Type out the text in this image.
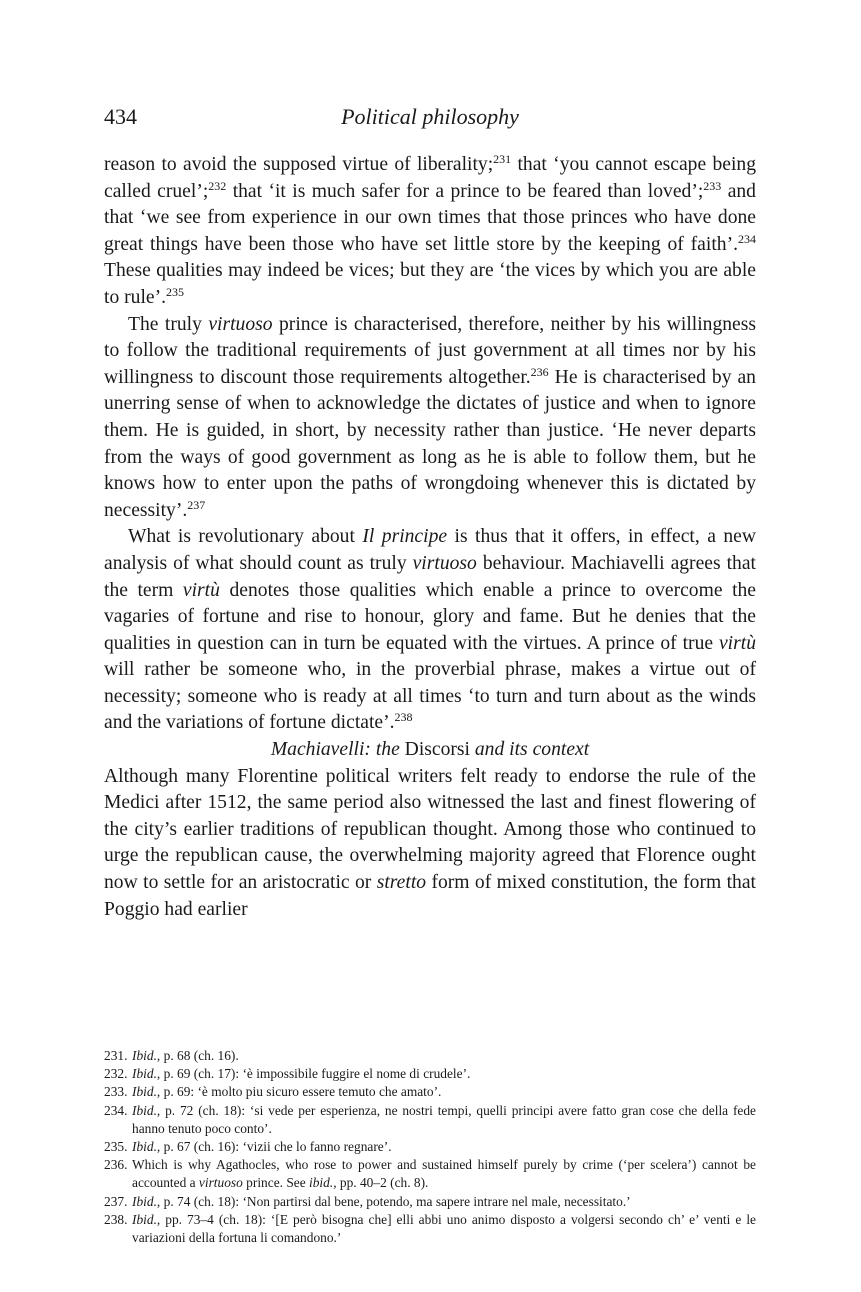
434	Political philosophy

reason to avoid the supposed virtue of liberality;$^{231}$ that ‘you cannot escape being called cruel’;$^{232}$ that ‘it is much safer for a prince to be feared than loved’;$^{233}$ and that ‘we see from experience in our own times that those princes who have done great things have been those who have set little store by the keeping of faith’.$^{234}$ These qualities may indeed be vices; but they are ‘the vices by which you are able to rule’.$^{235}$

The truly virtuoso prince is characterised, therefore, neither by his willingness to follow the traditional requirements of just government at all times nor by his willingness to discount those requirements altogether.$^{236}$ He is characterised by an unerring sense of when to acknowledge the dictates of justice and when to ignore them. He is guided, in short, by necessity rather than justice. ‘He never departs from the ways of good government as long as he is able to follow them, but he knows how to enter upon the paths of wrongdoing whenever this is dictated by necessity’.$^{237}$

What is revolutionary about Il principe is thus that it offers, in effect, a new analysis of what should count as truly virtuoso behaviour. Machiavelli agrees that the term virtù denotes those qualities which enable a prince to overcome the vagaries of fortune and rise to honour, glory and fame. But he denies that the qualities in question can in turn be equated with the virtues. A prince of true virtù will rather be someone who, in the proverbial phrase, makes a virtue out of necessity; someone who is ready at all times ‘to turn and turn about as the winds and the variations of fortune dictate’.$^{238}$

Machiavelli: the Discorsi and its context

Although many Florentine political writers felt ready to endorse the rule of the Medici after 1512, the same period also witnessed the last and finest flowering of the city’s earlier traditions of republican thought. Among those who continued to urge the republican cause, the overwhelming majority agreed that Florence ought now to settle for an aristocratic or stretto form of mixed constitution, the form that Poggio had earlier

231. Ibid., p. 68 (ch. 16).
232. Ibid., p. 69 (ch. 17): ‘è impossibile fuggire el nome di crudele’.
233. Ibid., p. 69: ‘è molto piu sicuro essere temuto che amato’.
234. Ibid., p. 72 (ch. 18): ‘si vede per esperienza, ne nostri tempi, quelli principi avere fatto gran cose che della fede hanno tenuto poco conto’.
235. Ibid., p. 67 (ch. 16): ‘vizii che lo fanno regnare’.
236. Which is why Agathocles, who rose to power and sustained himself purely by crime (‘per scelera’) cannot be accounted a virtuoso prince. See ibid., pp. 40–2 (ch. 8).
237. Ibid., p. 74 (ch. 18): ‘Non partirsi dal bene, potendo, ma sapere intrare nel male, necessitato.’
238. Ibid., pp. 73–4 (ch. 18): ‘[E però bisogna che] elli abbi uno animo disposto a volgersi secondo ch’ e’ venti e le variazioni della fortuna li comandono.’
